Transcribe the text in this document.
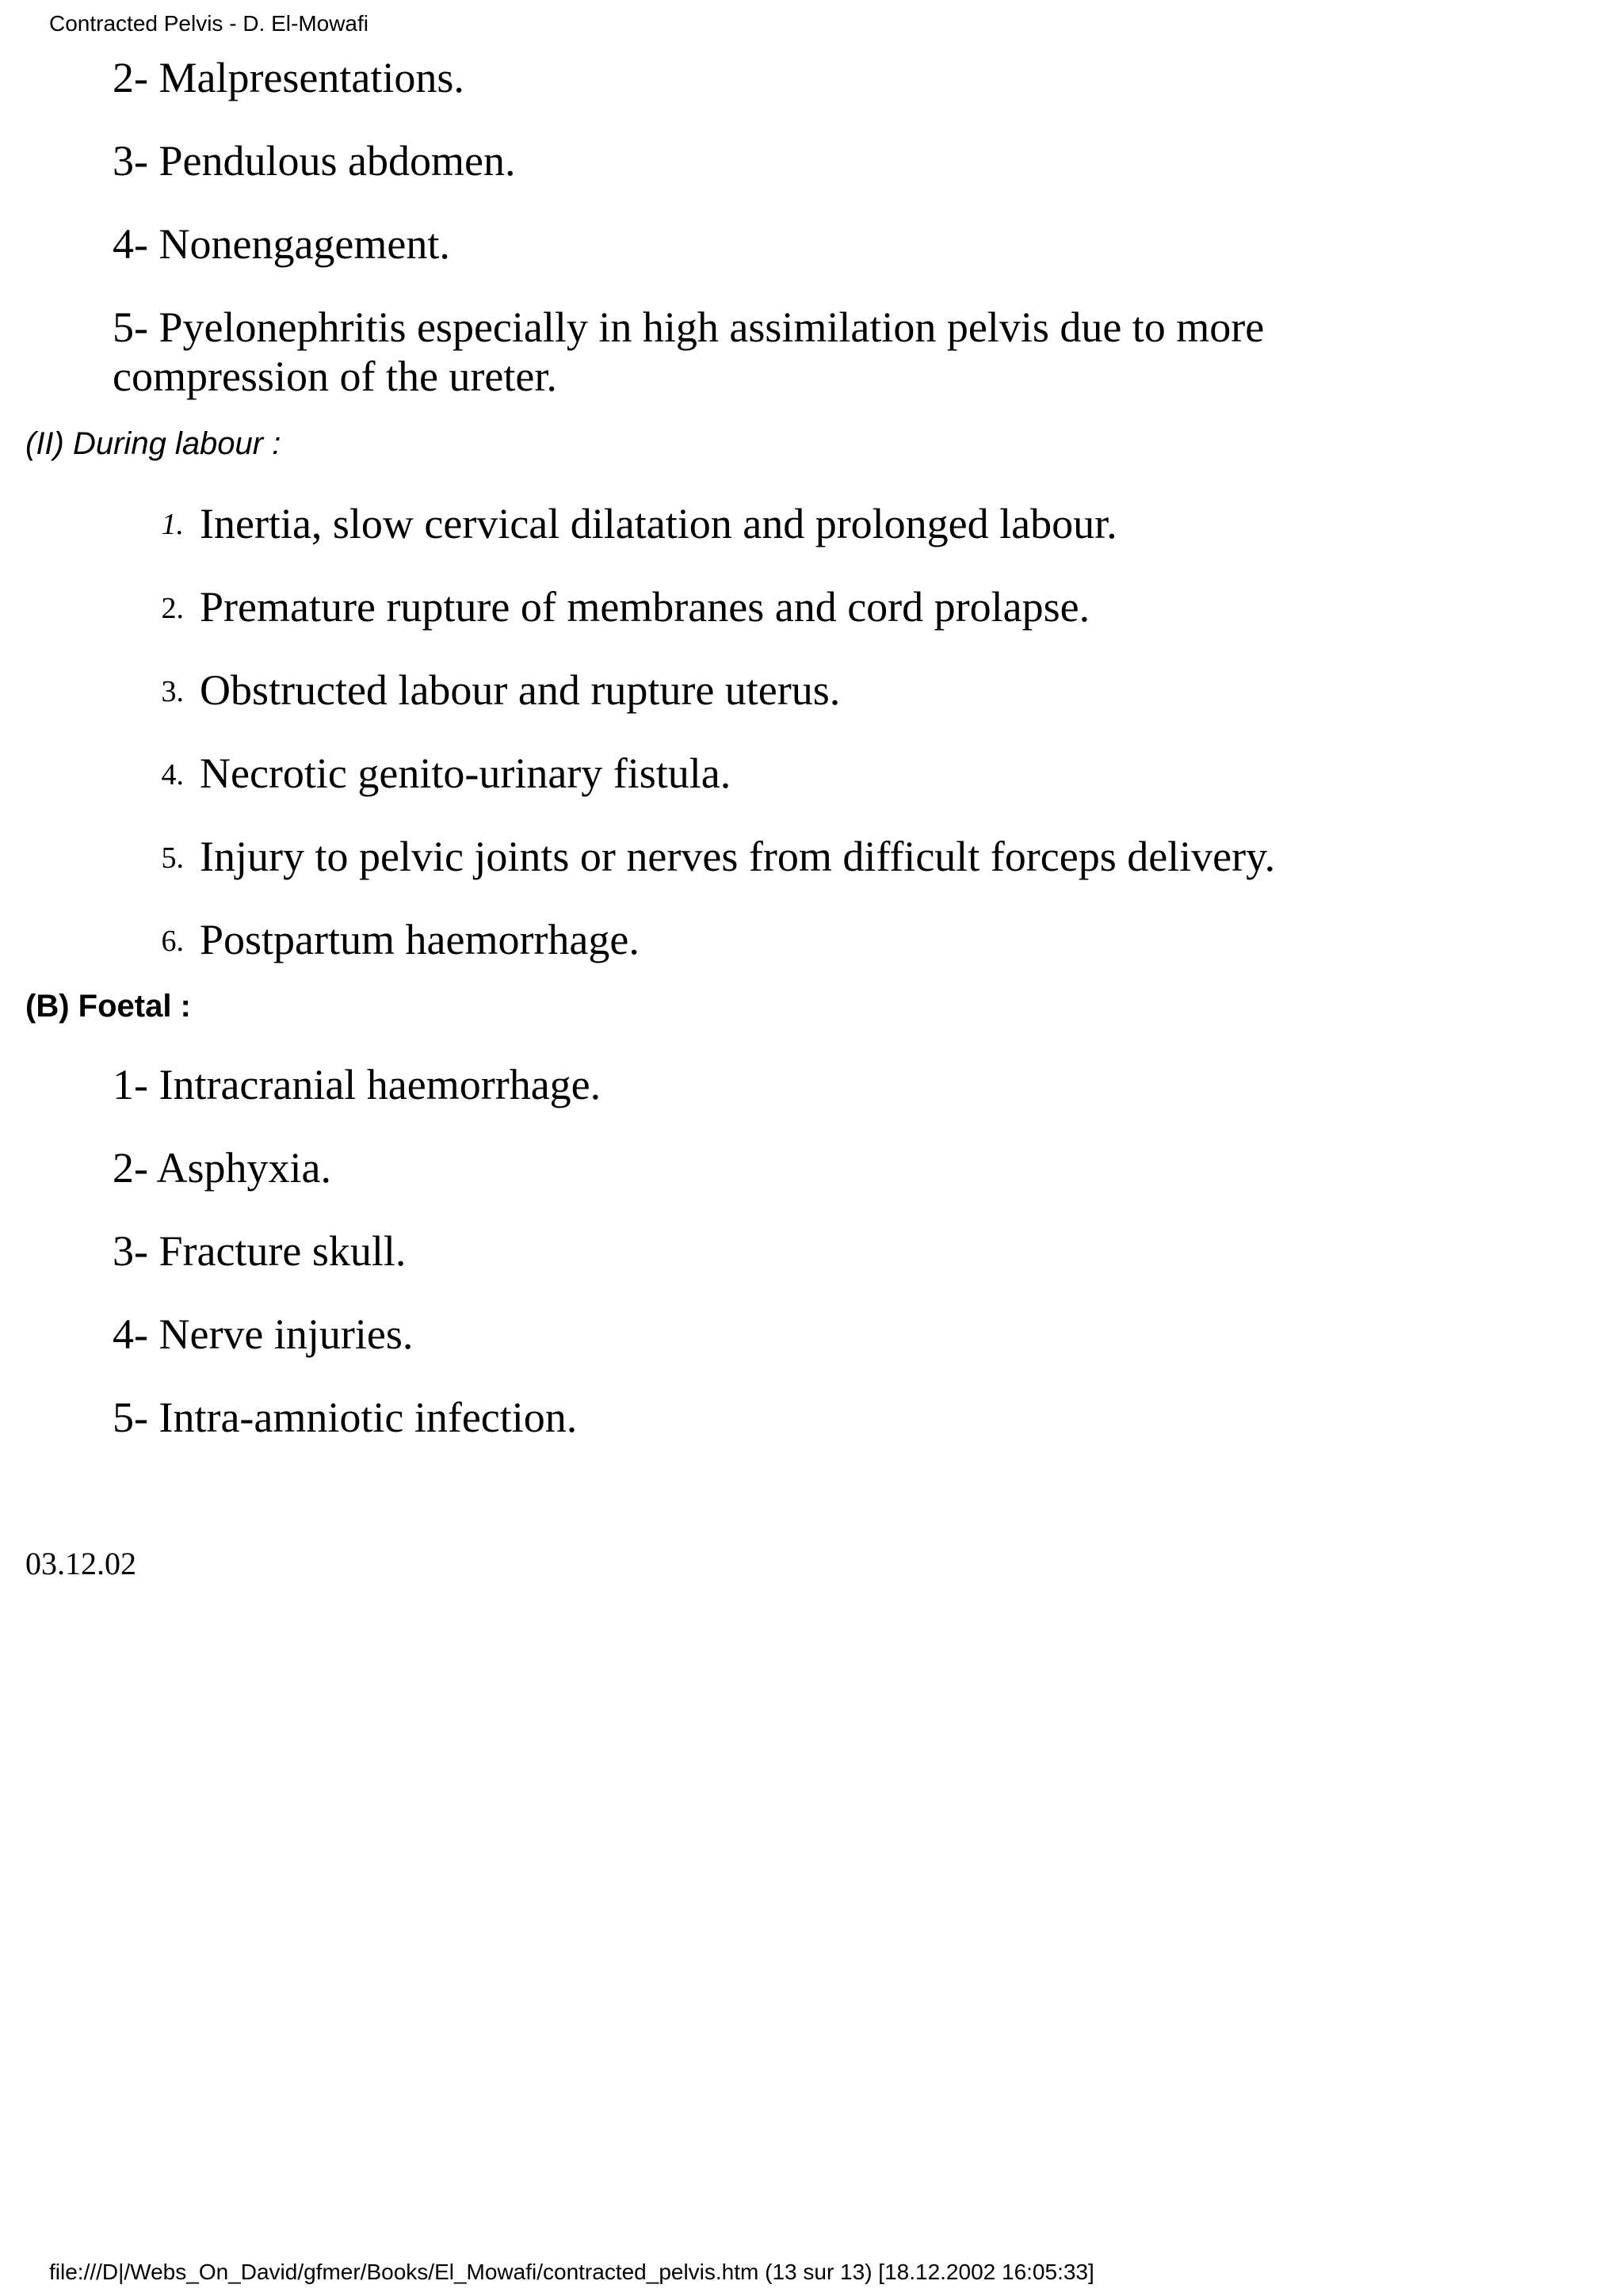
Contracted Pelvis - D. El-Mowafi
2- Malpresentations.
3- Pendulous abdomen.
4- Nonengagement.
5- Pyelonephritis especially in high assimilation pelvis due to more compression of the ureter.
(II) During labour :
1. Inertia, slow cervical dilatation and prolonged labour.
2. Premature rupture of membranes and cord prolapse.
3. Obstructed labour and rupture uterus.
4. Necrotic genito-urinary fistula.
5. Injury to pelvic joints or nerves from difficult forceps delivery.
6. Postpartum haemorrhage.
(B) Foetal :
1- Intracranial haemorrhage.
2- Asphyxia.
3- Fracture skull.
4- Nerve injuries.
5- Intra-amniotic infection.
03.12.02
file:///D|/Webs_On_David/gfmer/Books/El_Mowafi/contracted_pelvis.htm (13 sur 13) [18.12.2002 16:05:33]
